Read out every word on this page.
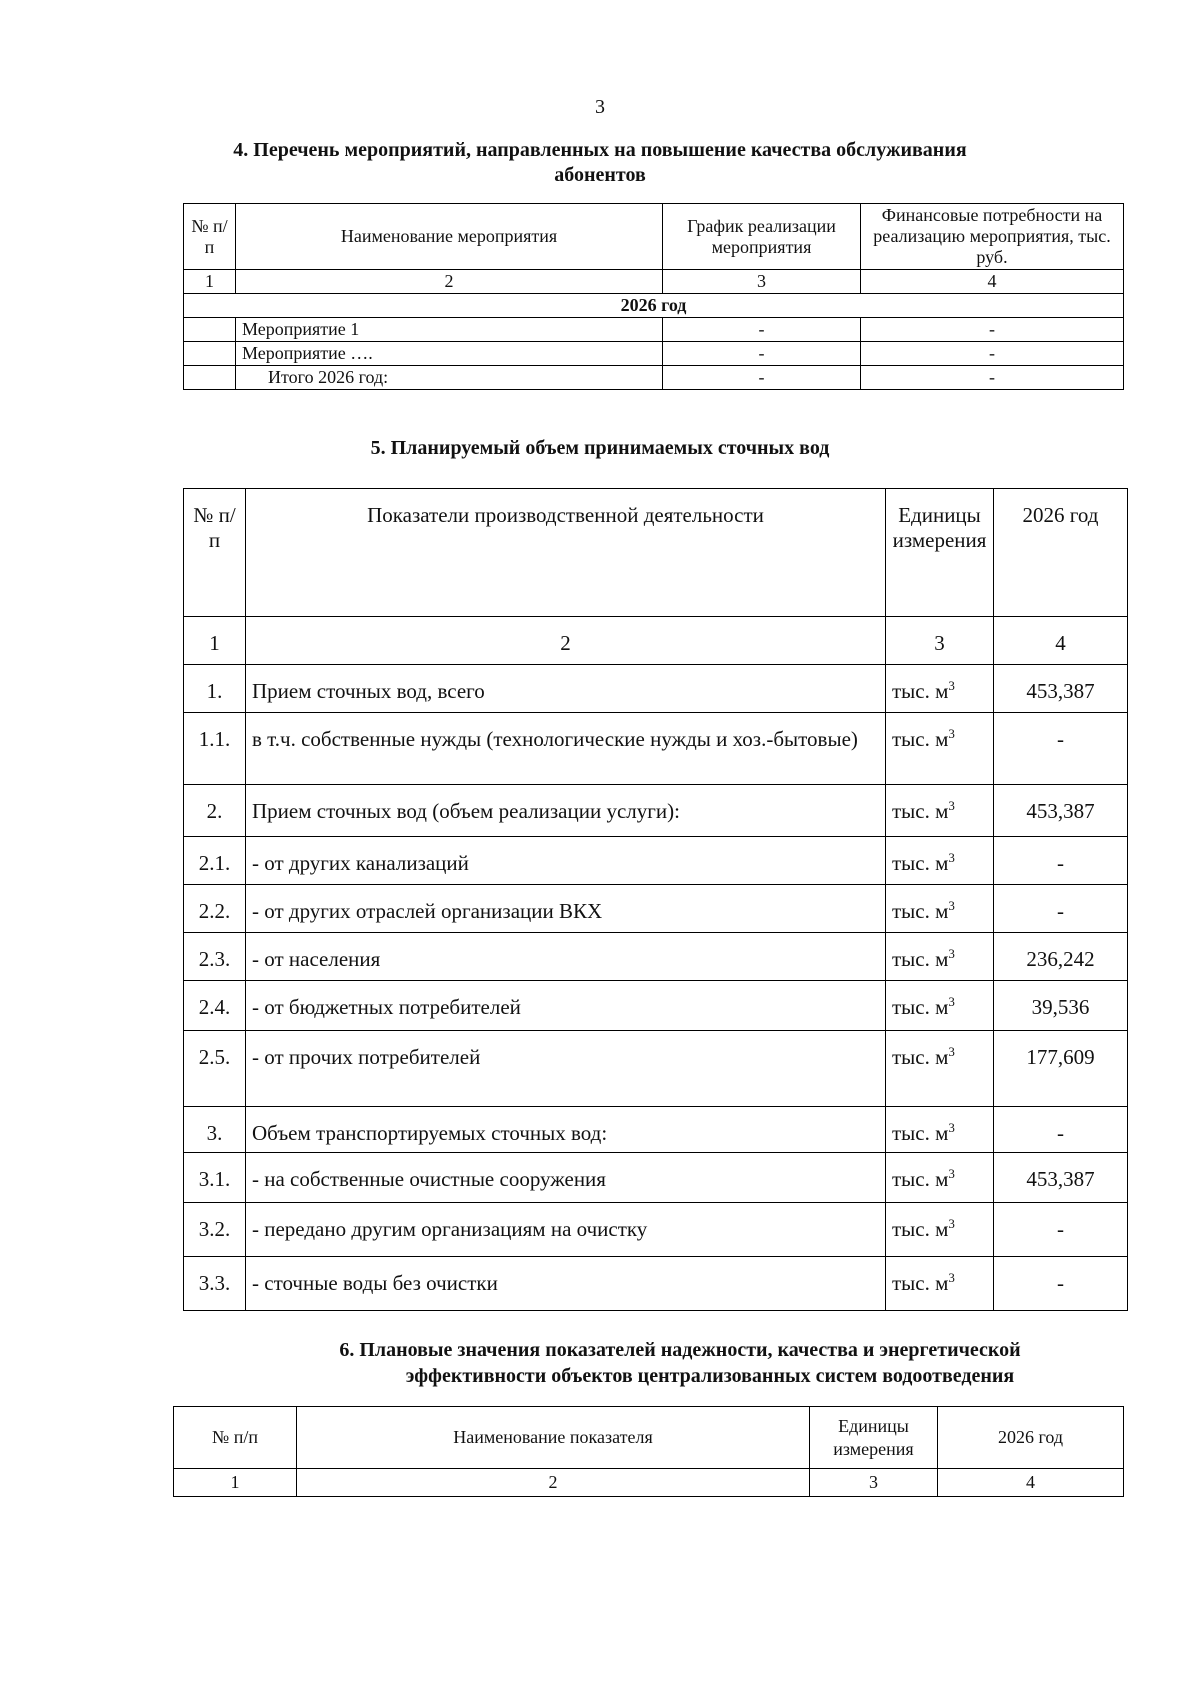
3
4. Перечень мероприятий, направленных на повышение качества обслуживания
абонентов
№ п/п	Наименование мероприятия	График реализации мероприятия	Финансовые потребности на реализацию мероприятия, тыс. руб.
1	2	3	4
2026 год			
	Мероприятие 1	-	-
	Мероприятие ….	-	-
	Итого 2026 год:	-	-
5. Планируемый объем принимаемых сточных вод
№ п/п	Показатели производственной деятельности	Единицы измерения	2026 год
1	2	3	4
1.	Прием сточных вод, всего	тыс. $м^3$	453,387
1.1.	в т.ч. собственные нужды (технологические нужды и хоз.-бытовые)	тыс. $м^3$	-
2.	Прием сточных вод (объем реализации услуги):	тыс. $м^3$	453,387
2.1.	- от других канализаций	тыс. $м^3$	-
2.2.	- от других отраслей организации ВКХ	тыс. $м^3$	-
2.3.	- от населения	тыс. $м^3$	236,242
2.4.	- от бюджетных потребителей	тыс. $м^3$	39,536
2.5.	- от прочих потребителей	тыс. $м^3$	177,609
3.	Объем транспортируемых сточных вод:	тыс. $м^3$	-
3.1.	- на собственные очистные сооружения	тыс. $м^3$	453,387
3.2.	- передано другим организациям на очистку	тыс. $м^3$	-
3.3.	- сточные воды без очистки	тыс. $м^3$	-
6. Плановые значения показателей надежности, качества и энергетической
эффективности объектов централизованных систем водоотведения
№ п/п	Наименование показателя	Единицы измерения	2026 год
1	2	3	4
